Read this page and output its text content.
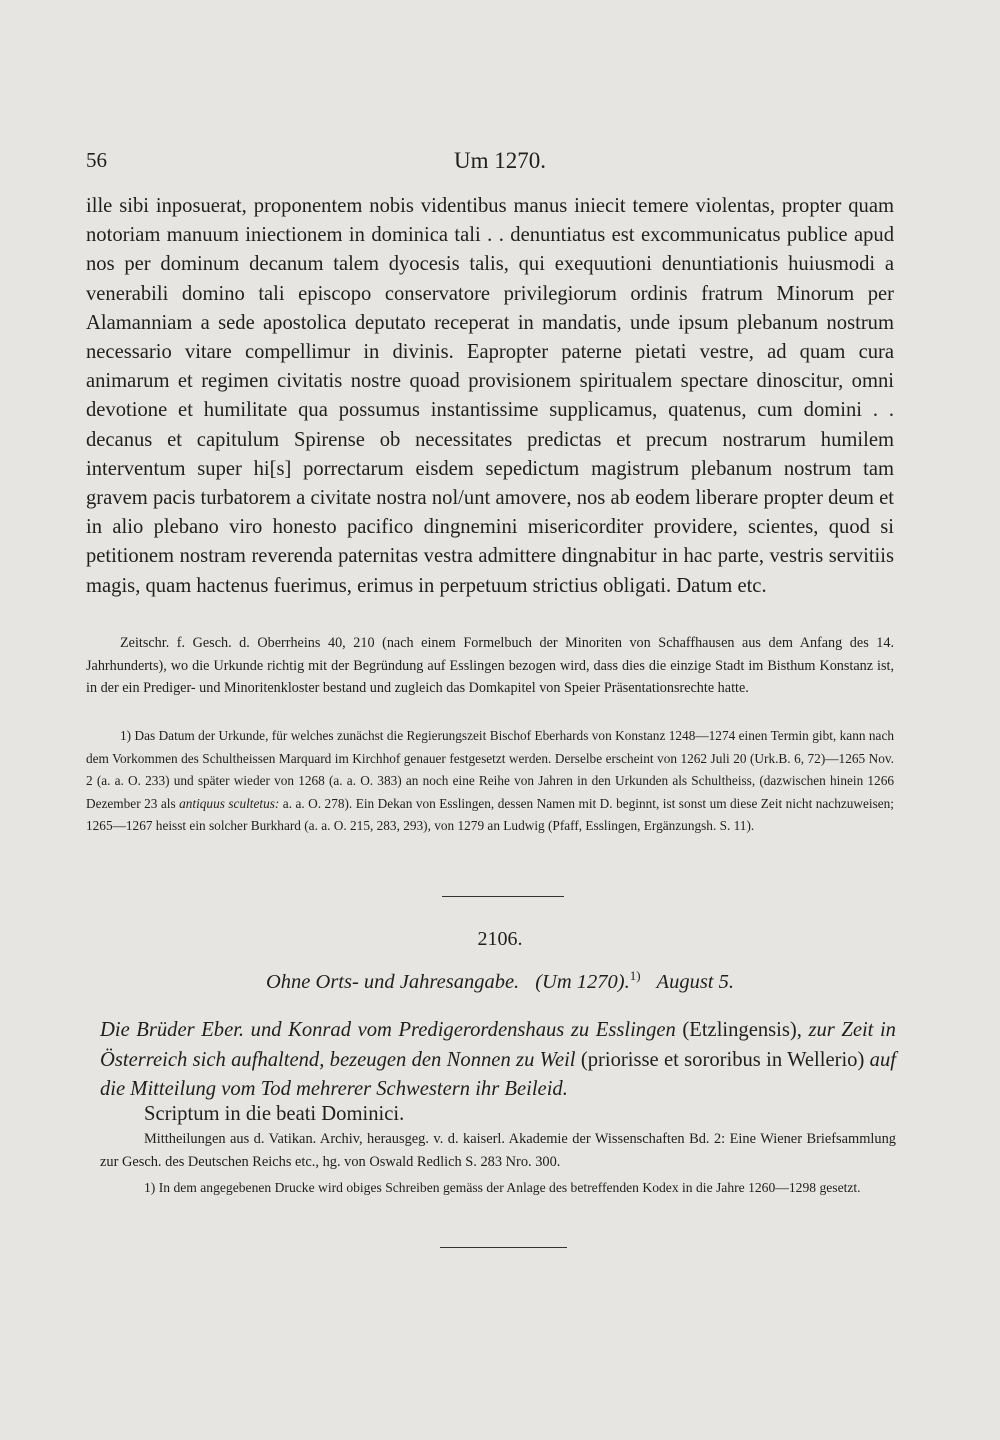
56	Um 1270.

ille sibi inposuerat, proponentem nobis videntibus manus iniecit temere violentas, propter quam notoriam manuum iniectionem in dominica tali . . denuntiatus est excommunicatus publice apud nos per dominum decanum talem dyocesis talis, qui exequutioni denuntiationis huiusmodi a venerabili domino tali episcopo conservatore privilegiorum ordinis fratrum Minorum per Alamanniam a sede apostolica deputato receperat in mandatis, unde ipsum plebanum nostrum necessario vitare compellimur in divinis. Eapropter paterne pietati vestre, ad quam cura animarum et regimen civitatis nostre quoad provisionem spiritualem spectare dinoscitur, omni devotione et humilitate qua possumus instantissime supplicamus, quatenus, cum domini . . decanus et capitulum Spirense ob necessitates predictas et precum nostrarum humilem interventum super hi[s] porrectarum eisdem sepedictum magistrum plebanum nostrum tam gravem pacis turbatorem a civitate nostra nol/unt amovere, nos ab eodem liberare propter deum et in alio plebano viro honesto pacifico dingnemini misericorditer providere, scientes, quod si petitionem nostram reverenda paternitas vestra admittere dingnabitur in hac parte, vestris servitiis magis, quam hactenus fuerimus, erimus in perpetuum strictius obligati. Datum etc.

Zeitschr. f. Gesch. d. Oberrheins 40, 210 (nach einem Formelbuch der Minoriten von Schaffhausen aus dem Anfang des 14. Jahrhunderts), wo die Urkunde richtig mit der Begründung auf Esslingen bezogen wird, dass dies die einzige Stadt im Bisthum Konstanz ist, in der ein Prediger- und Minoritenkloster bestand und zugleich das Domkapitel von Speier Präsentationsrechte hatte.
1) Das Datum der Urkunde, für welches zunächst die Regierungszeit Bischof Eberhards von Konstanz 1248—1274 einen Termin gibt, kann nach dem Vorkommen des Schultheissen Marquard im Kirchhof genauer festgesetzt werden. Derselbe erscheint von 1262 Juli 20 (Urk.B. 6, 72)—1265 Nov. 2 (a. a. O. 233) und später wieder von 1268 (a. a. O. 383) an noch eine Reihe von Jahren in den Urkunden als Schultheiss, (dazwischen hinein 1266 Dezember 23 als antiquus scultetus: a. a. O. 278). Ein Dekan von Esslingen, dessen Namen mit D. beginnt, ist sonst um diese Zeit nicht nachzuweisen; 1265—1267 heisst ein solcher Burkhard (a. a. O. 215, 283, 293), von 1279 an Ludwig (Pfaff, Esslingen, Ergänzungsh. S. 11).
2106.
Ohne Orts- und Jahresangabe. (Um 1270).$^{1)}$ August 5.
Die Brüder Eber. und Konrad vom Predigerordenshaus zu Esslingen (Etzlingensis), zur Zeit in Österreich sich aufhaltend, bezeugen den Nonnen zu Weil (priorisse et sororibus in Wellerio) auf die Mitteilung vom Tod mehrerer Schwestern ihr Beileid.
Scriptum in die beati Dominici.
Mittheilungen aus d. Vatikan. Archiv, herausgeg. v. d. kaiserl. Akademie der Wissenschaften Bd. 2: Eine Wiener Briefsammlung zur Gesch. des Deutschen Reichs etc., hg. von Oswald Redlich S. 283 Nro. 300.
1) In dem angegebenen Drucke wird obiges Schreiben gemäss der Anlage des betreffenden Kodex in die Jahre 1260—1298 gesetzt.
